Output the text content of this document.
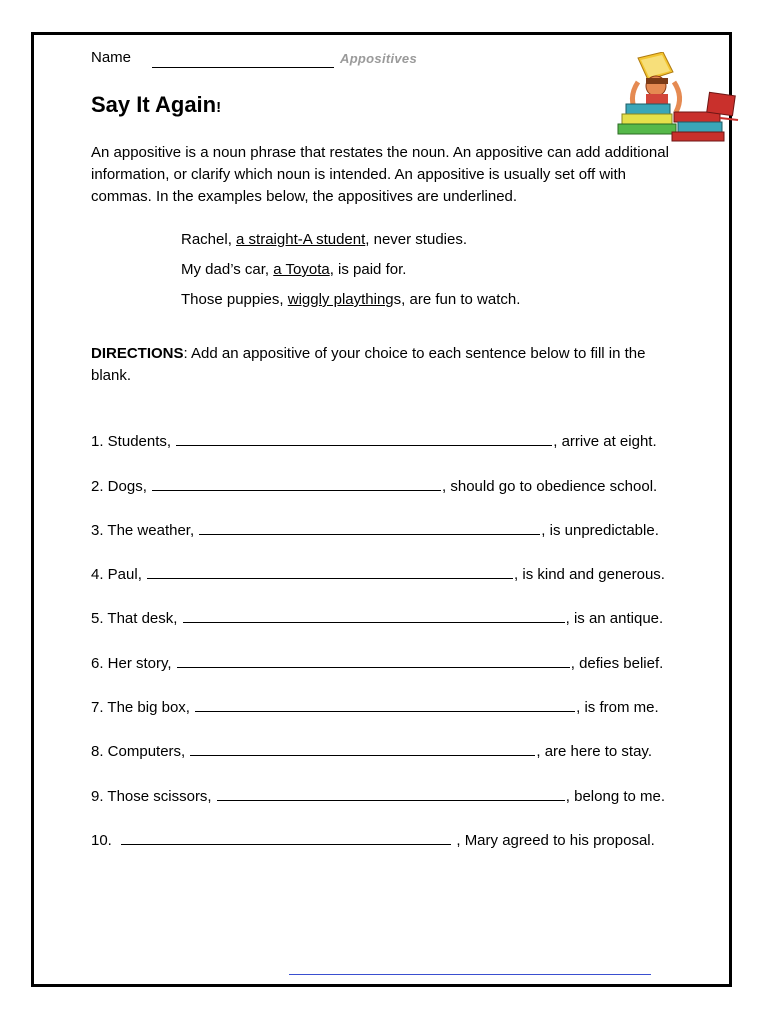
Name	Appositives
Say It Again!
An appositive is a noun phrase that restates the noun. An appositive can add additional information, or clarify which noun is intended. An appositive is usually set off with commas. In the examples below, the appositives are underlined.
Rachel, a straight-A student, never studies.
My dad’s car, a Toyota, is paid for.
Those puppies, wiggly playthings, are fun to watch.
DIRECTIONS: Add an appositive of your choice to each sentence below to fill in the blank.
1. Students,	, arrive at eight.
2. Dogs,	, should go to obedience school.
3. The weather,	, is unpredictable.
4. Paul,	, is kind and generous.
5. That desk,	, is an antique.
6. Her story,	, defies belief.
7. The big box,	, is from me.
8. Computers,	, are here to stay.
9. Those scissors,	, belong to me.
10.	, Mary agreed to his proposal.
